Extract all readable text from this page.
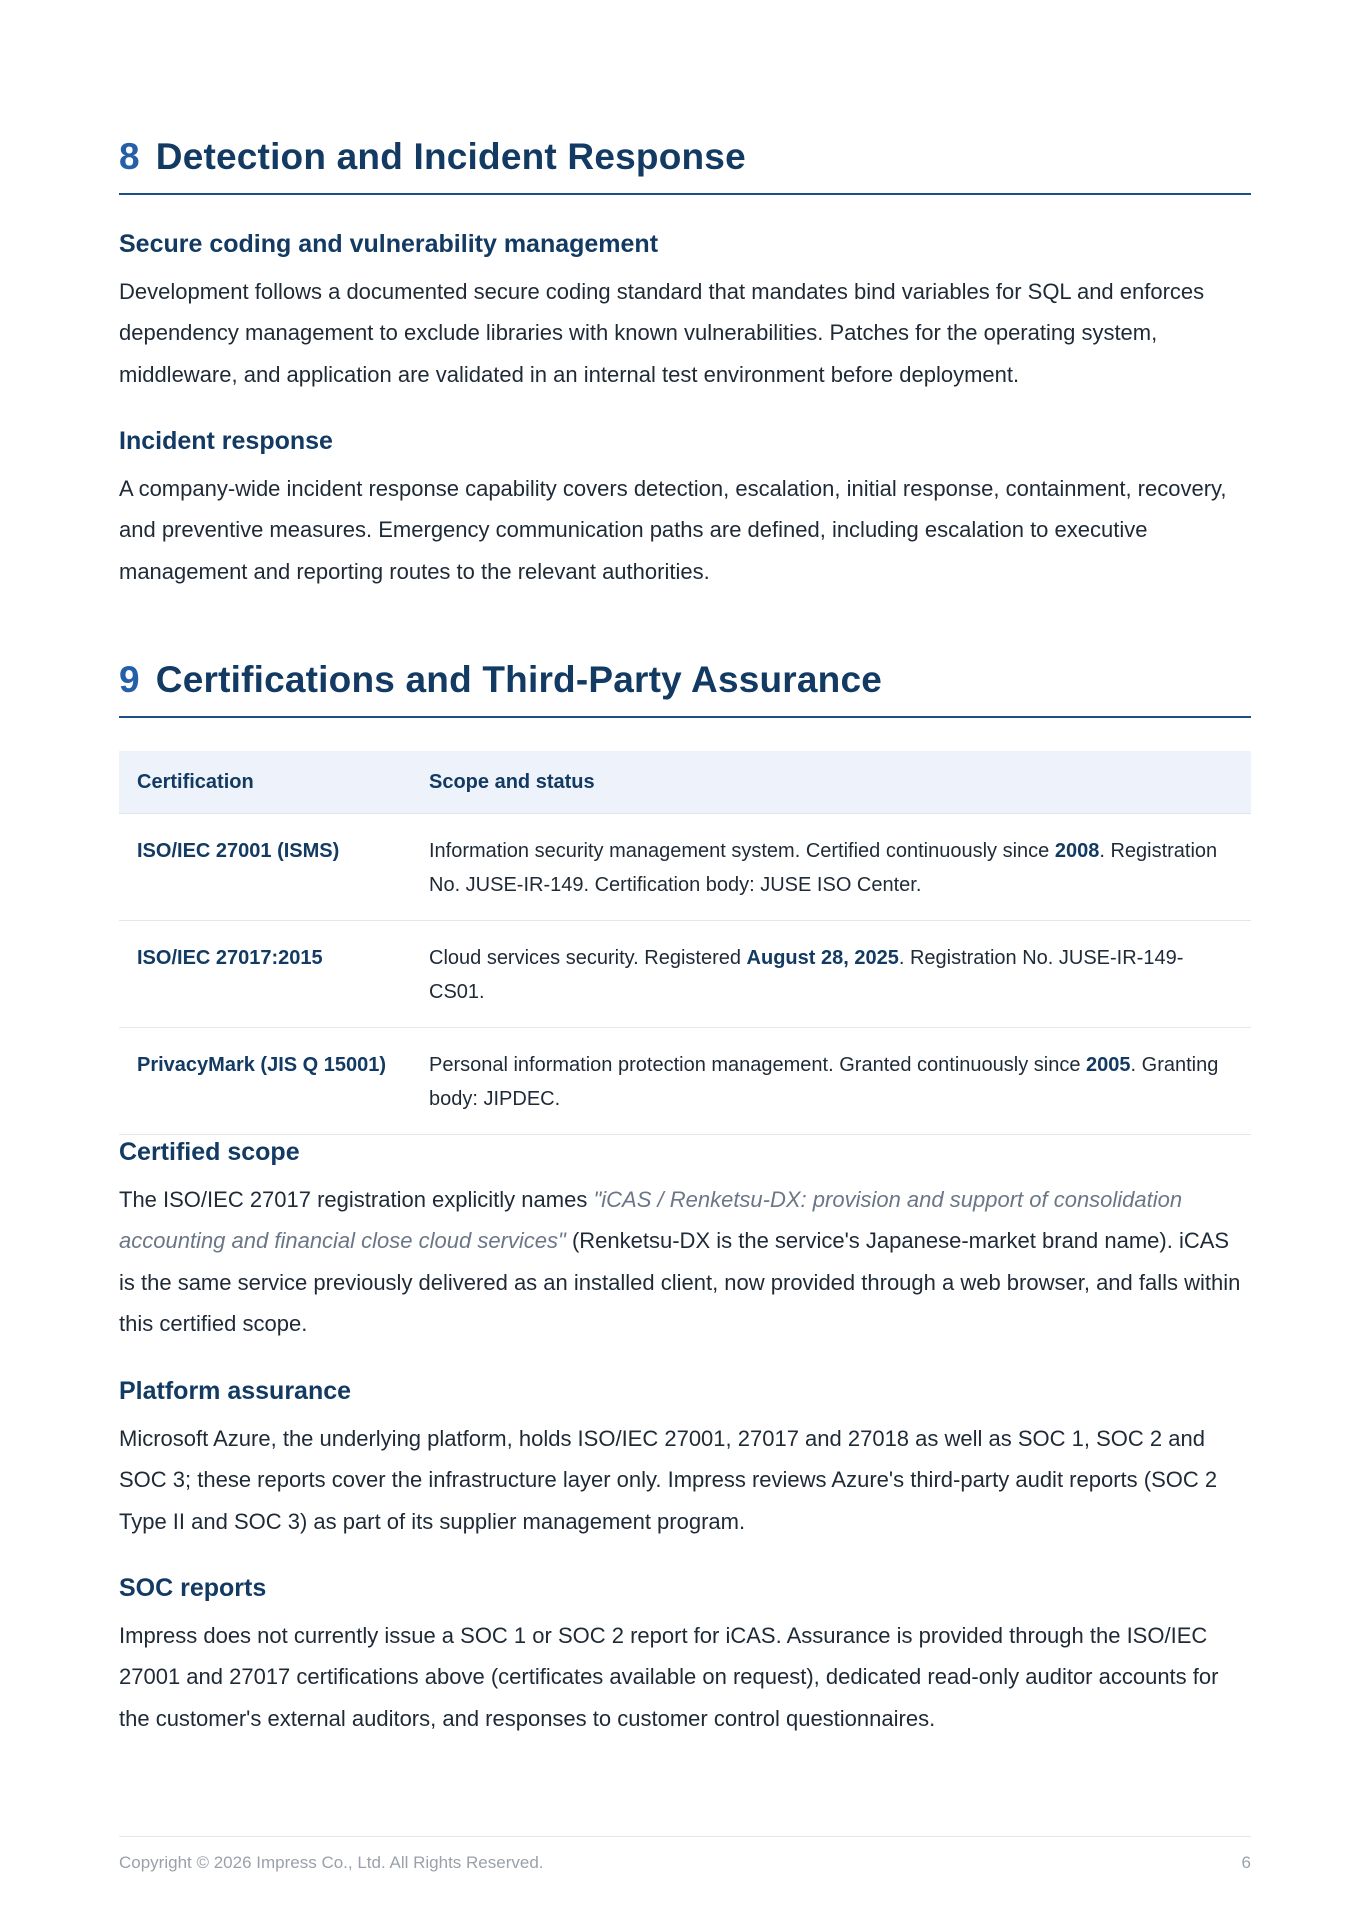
8 Detection and Incident Response
Secure coding and vulnerability management

Development follows a documented secure coding standard that mandates bind variables for SQL and enforces dependency management to exclude libraries with known vulnerabilities. Patches for the operating system, middleware, and application are validated in an internal test environment before deployment.

Incident response

A company-wide incident response capability covers detection, escalation, initial response, containment, recovery, and preventive measures. Emergency communication paths are defined, including escalation to executive management and reporting routes to the relevant authorities.

9 Certifications and Third-Party Assurance
Certification	Scope and status
ISO/IEC 27001 (ISMS)	Information security management system. Certified continuously since 2008. Registration No. JUSE-IR-149. Certification body: JUSE ISO Center.
ISO/IEC 27017:2015	Cloud services security. Registered August 28, 2025. Registration No. JUSE-IR-149-CS01.
PrivacyMark (JIS Q 15001)	Personal information protection management. Granted continuously since 2005. Granting body: JIPDEC.
Certified scope

The ISO/IEC 27017 registration explicitly names "iCAS / Renketsu-DX: provision and support of consolidation accounting and financial close cloud services" (Renketsu-DX is the service's Japanese-market brand name). iCAS is the same service previously delivered as an installed client, now provided through a web browser, and falls within this certified scope.

Platform assurance

Microsoft Azure, the underlying platform, holds ISO/IEC 27001, 27017 and 27018 as well as SOC 1, SOC 2 and SOC 3; these reports cover the infrastructure layer only. Impress reviews Azure's third-party audit reports (SOC 2 Type II and SOC 3) as part of its supplier management program.

SOC reports

Impress does not currently issue a SOC 1 or SOC 2 report for iCAS. Assurance is provided through the ISO/IEC 27001 and 27017 certifications above (certificates available on request), dedicated read-only auditor accounts for the customer's external auditors, and responses to customer control questionnaires.

Copyright © 2026 Impress Co., Ltd. All Rights Reserved.	6
